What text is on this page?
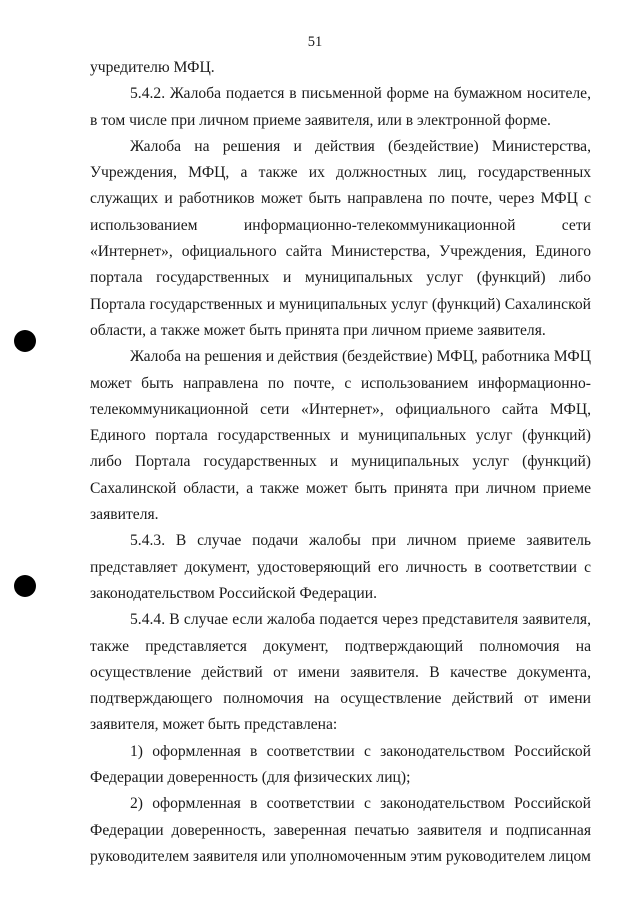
51

учредителю МФЦ.

5.4.2. Жалоба подается в письменной форме на бумажном носителе, в том числе при личном приеме заявителя, или в электронной форме.

Жалоба на решения и действия (бездействие) Министерства, Учреждения, МФЦ, а также их должностных лиц, государственных служащих и работников может быть направлена по почте, через МФЦ с использованием информационно-телекоммуникационной сети «Интернет», официального сайта Министерства, Учреждения, Единого портала государственных и муниципальных услуг (функций) либо Портала государственных и муниципальных услуг (функций) Сахалинской области, а также может быть принята при личном приеме заявителя.

Жалоба на решения и действия (бездействие) МФЦ, работника МФЦ может быть направлена по почте, с использованием информационно-телекоммуникационной сети «Интернет», официального сайта МФЦ, Единого портала государственных и муниципальных услуг (функций) либо Портала государственных и муниципальных услуг (функций) Сахалинской области, а также может быть принята при личном приеме заявителя.

5.4.3. В случае подачи жалобы при личном приеме заявитель представляет документ, удостоверяющий его личность в соответствии с законодательством Российской Федерации.

5.4.4. В случае если жалоба подается через представителя заявителя, также представляется документ, подтверждающий полномочия на осуществление действий от имени заявителя. В качестве документа, подтверждающего полномочия на осуществление действий от имени заявителя, может быть представлена:

1) оформленная в соответствии с законодательством Российской Федерации доверенность (для физических лиц);

2) оформленная в соответствии с законодательством Российской Федерации доверенность, заверенная печатью заявителя и подписанная руководителем заявителя или уполномоченным этим руководителем лицом
